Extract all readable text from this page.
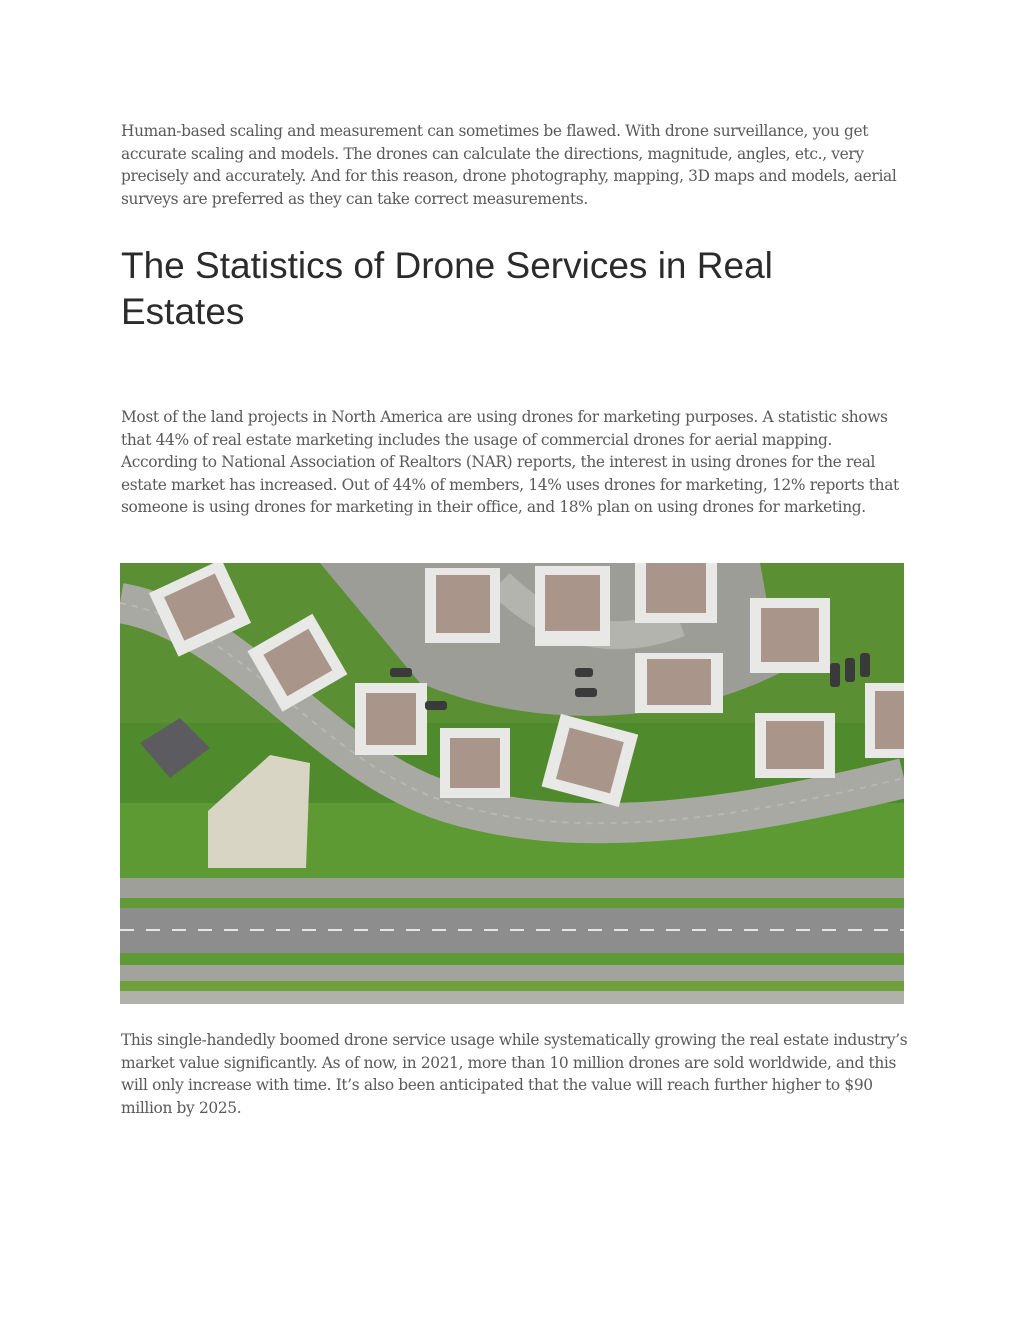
Human-based scaling and measurement can sometimes be flawed. With drone surveillance, you get accurate scaling and models. The drones can calculate the directions, magnitude, angles, etc., very precisely and accurately. And for this reason, drone photography, mapping, 3D maps and models, aerial surveys are preferred as they can take correct measurements.

The Statistics of Drone Services in Real Estates

Most of the land projects in North America are using drones for marketing purposes. A statistic shows that 44% of real estate marketing includes the usage of commercial drones for aerial mapping. According to National Association of Realtors (NAR) reports, the interest in using drones for the real estate market has increased. Out of 44% of members, 14% uses drones for marketing, 12% reports that someone is using drones for marketing in their office, and 18% plan on using drones for marketing.

This single-handedly boomed drone service usage while systematically growing the real estate industry’s market value significantly. As of now, in 2021, more than 10 million drones are sold worldwide, and this will only increase with time. It’s also been anticipated that the value will reach further higher to $90 million by 2025.
